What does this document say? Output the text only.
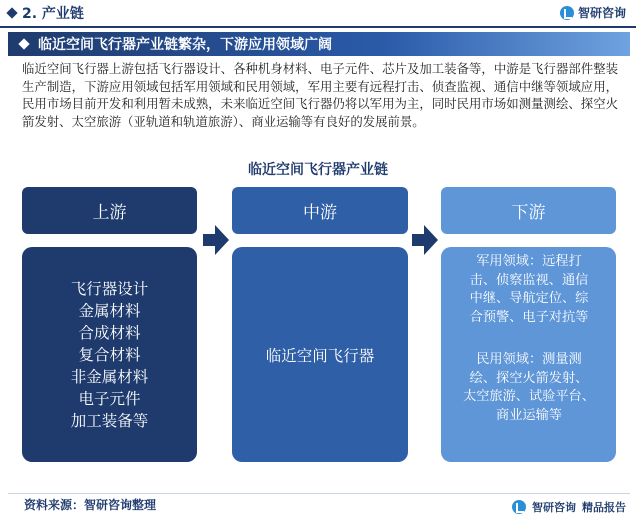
2. 产业链	智研咨询
临近空间飞行器产业链繁杂，下游应用领域广阔
临近空间飞行器上游包括飞行器设计、各种机身材料、电子元件、芯片及加工装备等，中游是飞行器部件整装生产制造，下游应用领域包括军用领域和民用领域，军用主要有远程打击、侦查监视、通信中继等领域应用，民用市场目前开发和利用暂未成熟，未来临近空间飞行器仍将以军用为主，同时民用市场如测量测绘、探空火箭发射、太空旅游（亚轨道和轨道旅游）、商业运输等有良好的发展前景。
临近空间飞行器产业链
上游	中游	下游
飞行器设计
金属材料
合成材料
复合材料
非金属材料
电子元件
加工装备等
临近空间飞行器
军用领域：远程打
击、侦察监视、通信
中继、导航定位、综
合预警、电子对抗等
民用领域：测量测
绘、探空火箭发射、
太空旅游、试验平台、
商业运输等
资料来源：智研咨询整理	智研咨询 精品报告
